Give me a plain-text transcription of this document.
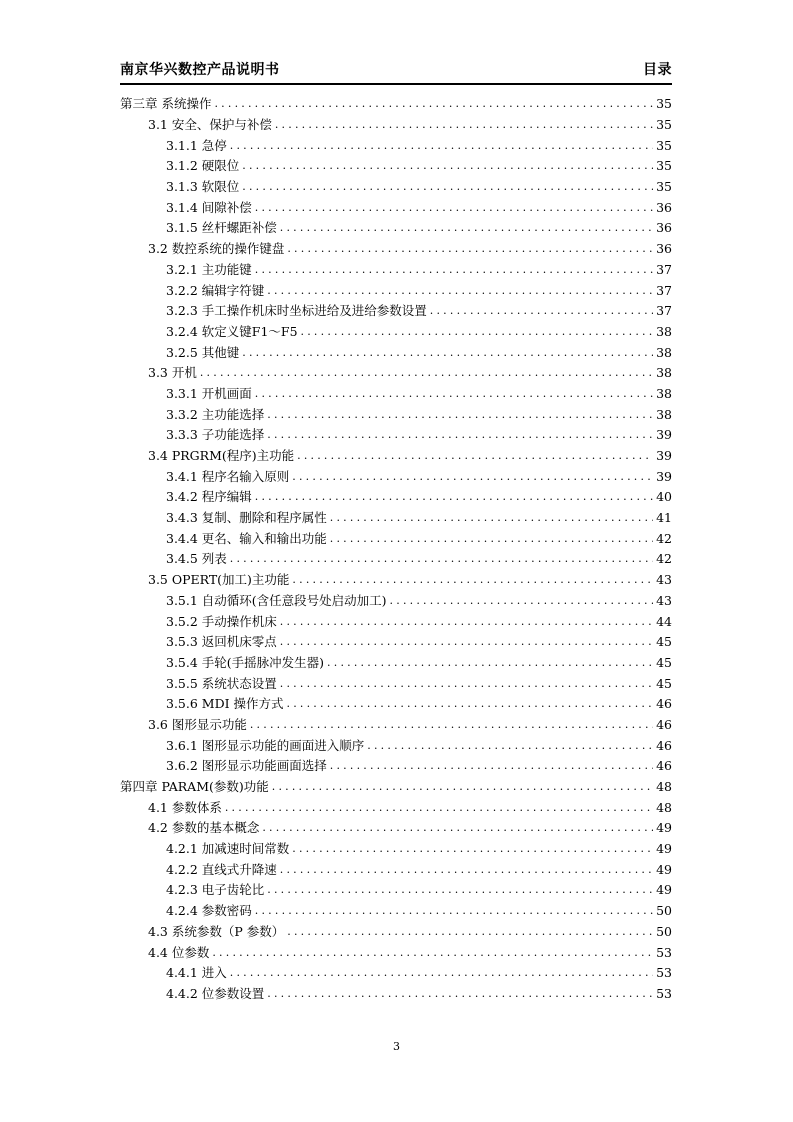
南京华兴数控产品说明书	目录
第三章 系统操作 .....	35
3.1 安全、保护与补偿 .....	35
3.1.1 急停 .....	35
3.1.2 硬限位 .....	35
3.1.3 软限位 .....	35
3.1.4 间隙补偿 .....	36
3.1.5 丝杆螺距补偿 .....	36
3.2 数控系统的操作键盘 .....	36
3.2.1 主功能键 .....	37
3.2.2 编辑字符键 .....	37
3.2.3 手工操作机床时坐标进给及进给参数设置 .....	37
3.2.4 软定义键F1～F5 .....	38
3.2.5 其他键 .....	38
3.3 开机 .....	38
3.3.1 开机画面 .....	38
3.3.2 主功能选择 .....	38
3.3.3 子功能选择 .....	39
3.4 PRGRM(程序)主功能 .....	39
3.4.1 程序名输入原则 .....	39
3.4.2 程序编辑 .....	40
3.4.3 复制、删除和程序属性 .....	41
3.4.4 更名、输入和输出功能 .....	42
3.4.5 列表 .....	42
3.5 OPERT(加工)主功能 .....	43
3.5.1 自动循环(含任意段号处启动加工) .....	43
3.5.2 手动操作机床 .....	44
3.5.3 返回机床零点 .....	45
3.5.4 手轮(手摇脉冲发生器) .....	45
3.5.5 系统状态设置 .....	45
3.5.6 MDI 操作方式 .....	46
3.6 图形显示功能 .....	46
3.6.1 图形显示功能的画面进入顺序 .....	46
3.6.2 图形显示功能画面选择 .....	46
第四章 PARAM(参数)功能 .....	48
4.1 参数体系 .....	48
4.2 参数的基本概念 .....	49
4.2.1 加减速时间常数 .....	49
4.2.2 直线式升降速 .....	49
4.2.3 电子齿轮比 .....	49
4.2.4 参数密码 .....	50
4.3 系统参数（P 参数） .....	50
4.4 位参数 .....	53
4.4.1 进入 .....	53
4.4.2 位参数设置 .....	53
3
